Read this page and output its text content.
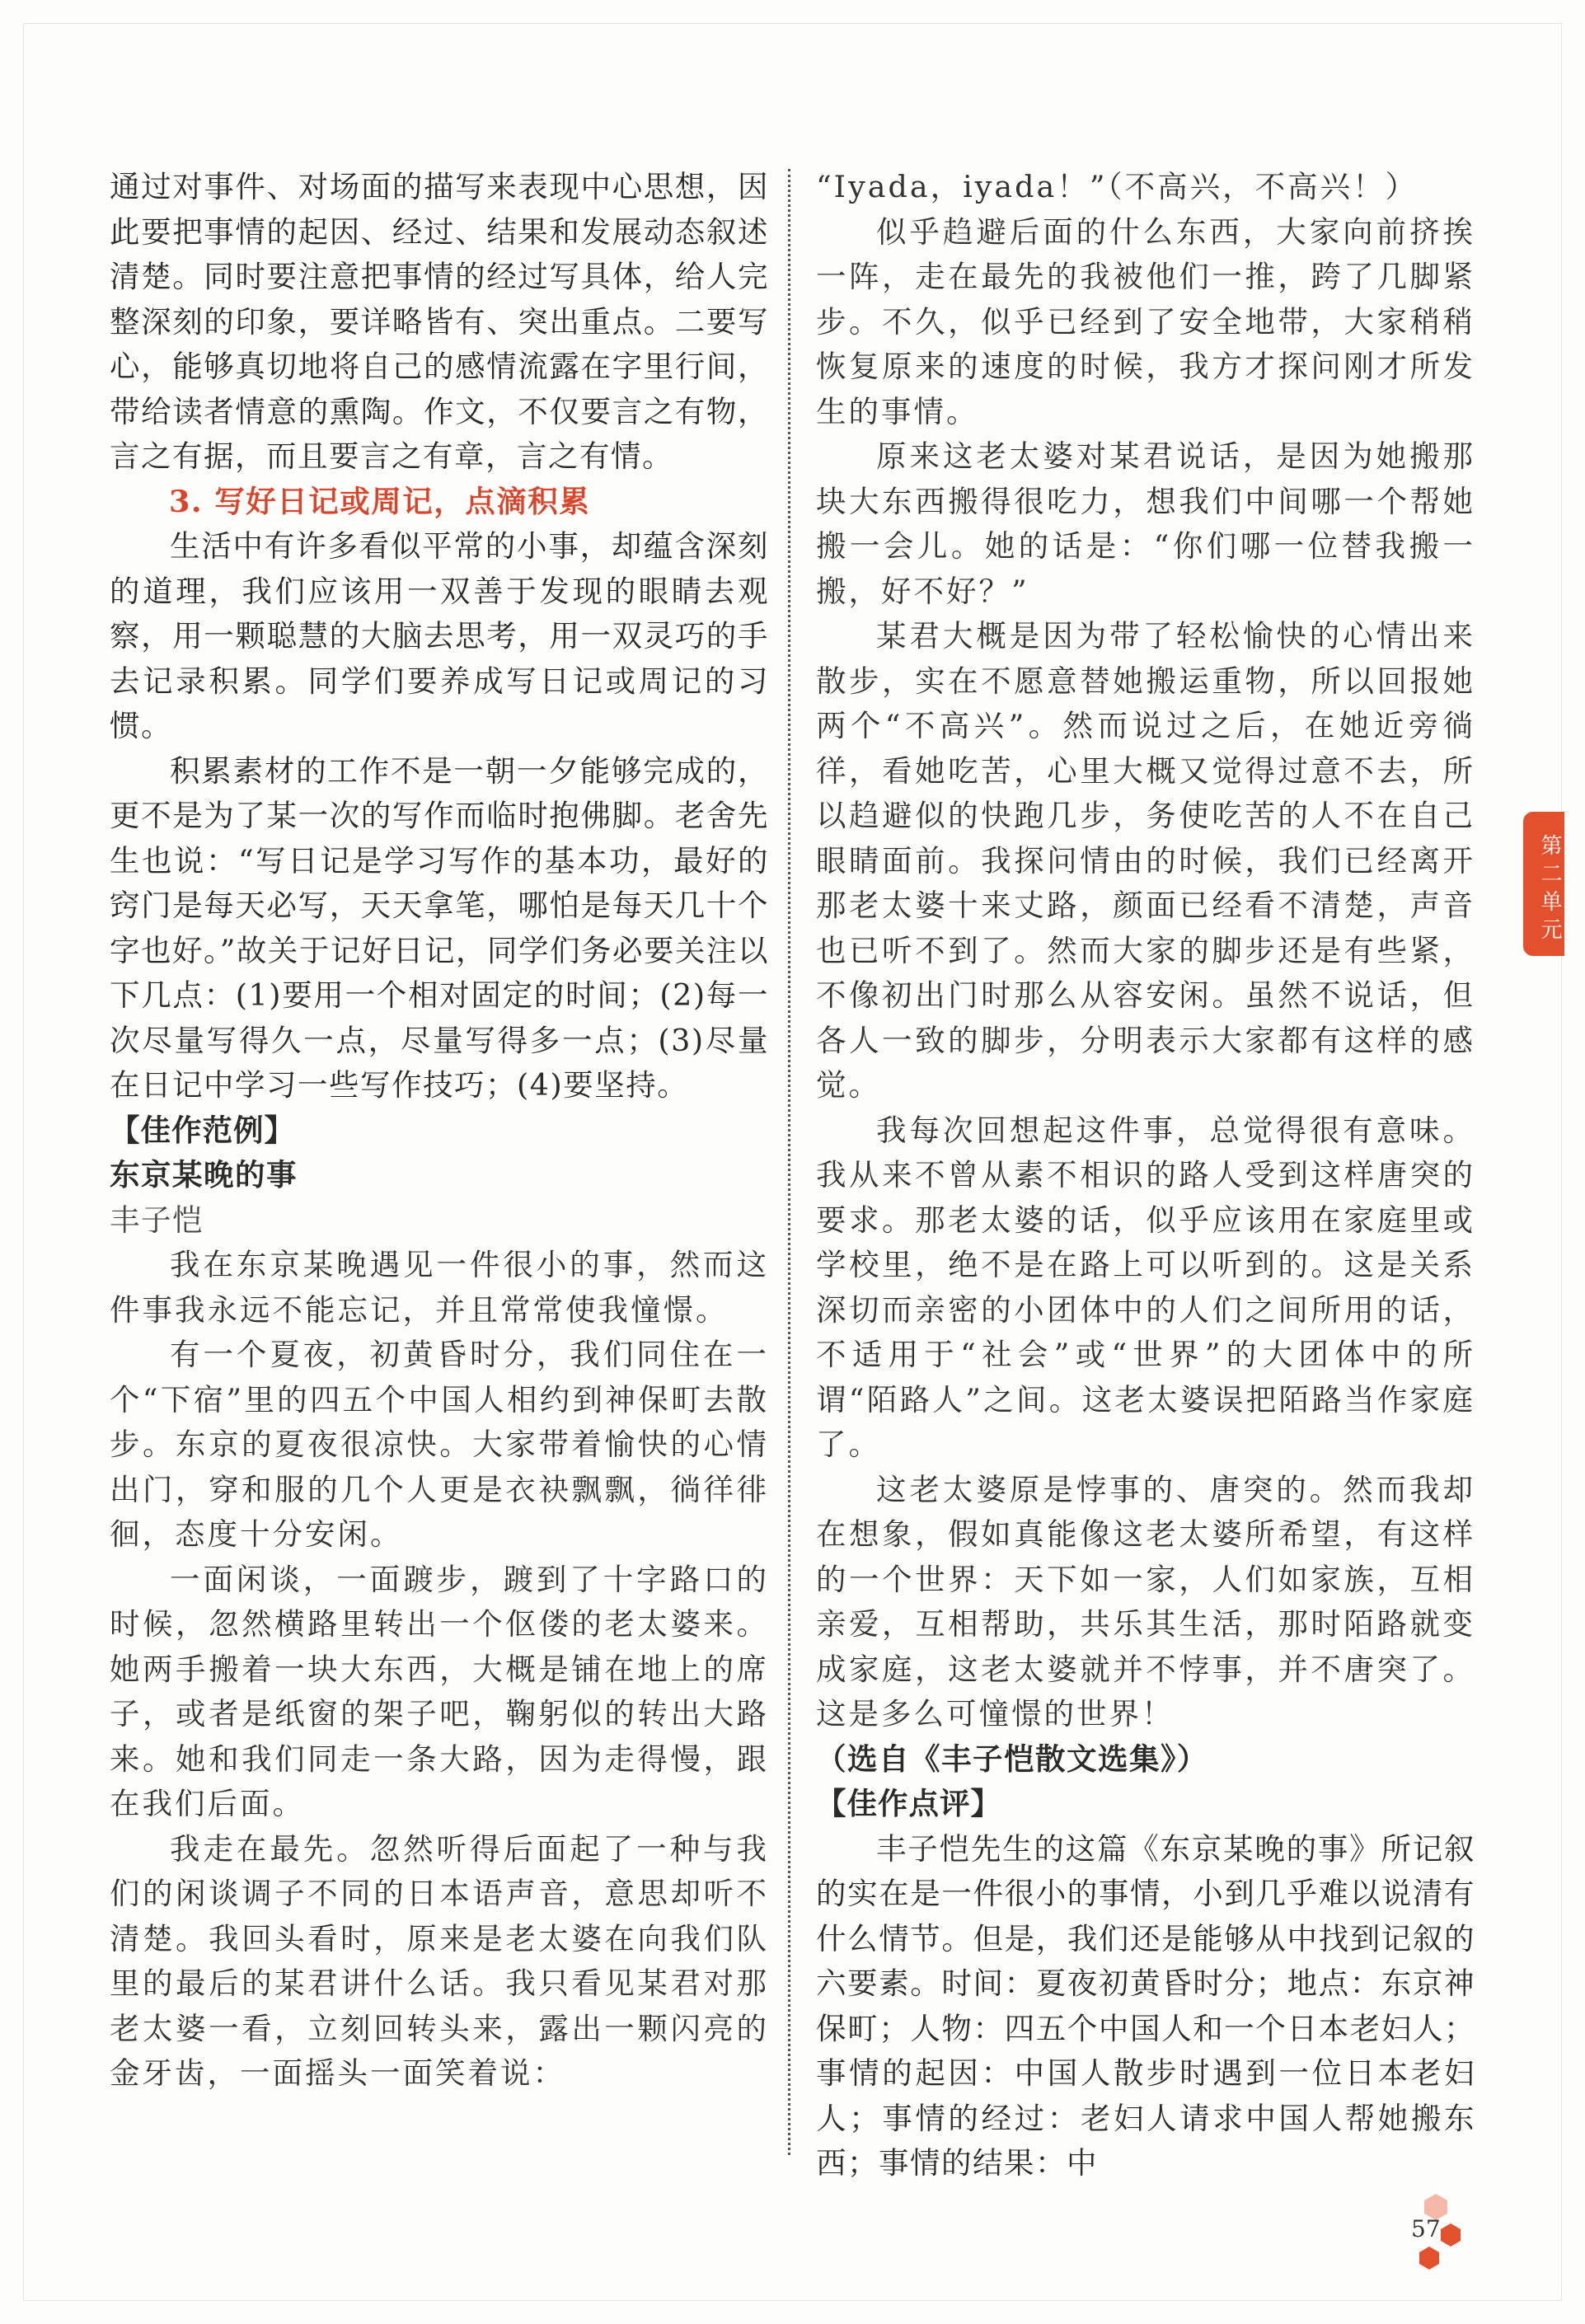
通过对事件、对场面的描写来表现中心思想，因此要把事情的起因、经过、结果和发展动态叙述清楚。同时要注意把事情的经过写具体，给人完整深刻的印象，要详略皆有、突出重点。二要写心，能够真切地将自己的感情流露在字里行间，带给读者情意的熏陶。作文，不仅要言之有物，言之有据，而且要言之有章，言之有情。

3. 写好日记或周记，点滴积累

生活中有许多看似平常的小事，却蕴含深刻的道理，我们应该用一双善于发现的眼睛去观察，用一颗聪慧的大脑去思考，用一双灵巧的手去记录积累。同学们要养成写日记或周记的习惯。

积累素材的工作不是一朝一夕能够完成的，更不是为了某一次的写作而临时抱佛脚。老舍先生也说：“写日记是学习写作的基本功，最好的窍门是每天必写，天天拿笔，哪怕是每天几十个字也好。”故关于记好日记，同学们务必要关注以下几点：(1)要用一个相对固定的时间；(2)每一次尽量写得久一点，尽量写得多一点；(3)尽量在日记中学习一些写作技巧；(4)要坚持。

【佳作范例】

东京某晚的事

丰子恺

我在东京某晚遇见一件很小的事，然而这件事我永远不能忘记，并且常常使我憧憬。

有一个夏夜，初黄昏时分，我们同住在一个“下宿”里的四五个中国人相约到神保町去散步。东京的夏夜很凉快。大家带着愉快的心情出门，穿和服的几个人更是衣袂飘飘，徜徉徘徊，态度十分安闲。

一面闲谈，一面踱步，踱到了十字路口的时候，忽然横路里转出一个伛偻的老太婆来。她两手搬着一块大东西，大概是铺在地上的席子，或者是纸窗的架子吧，鞠躬似的转出大路来。她和我们同走一条大路，因为走得慢，跟在我们后面。

我走在最先。忽然听得后面起了一种与我们的闲谈调子不同的日本语声音，意思却听不清楚。我回头看时，原来是老太婆在向我们队里的最后的某君讲什么话。我只看见某君对那老太婆一看，立刻回转头来，露出一颗闪亮的金牙齿，一面摇头一面笑着说：

“Iyada，iyada！”（不高兴，不高兴！）

似乎趋避后面的什么东西，大家向前挤挨一阵，走在最先的我被他们一推，跨了几脚紧步。不久，似乎已经到了安全地带，大家稍稍恢复原来的速度的时候，我方才探问刚才所发生的事情。

原来这老太婆对某君说话，是因为她搬那块大东西搬得很吃力，想我们中间哪一个帮她搬一会儿。她的话是：“你们哪一位替我搬一搬，好不好？”

某君大概是因为带了轻松愉快的心情出来散步，实在不愿意替她搬运重物，所以回报她两个“不高兴”。然而说过之后，在她近旁徜徉，看她吃苦，心里大概又觉得过意不去，所以趋避似的快跑几步，务使吃苦的人不在自己眼睛面前。我探问情由的时候，我们已经离开那老太婆十来丈路，颜面已经看不清楚，声音也已听不到了。然而大家的脚步还是有些紧，不像初出门时那么从容安闲。虽然不说话，但各人一致的脚步，分明表示大家都有这样的感觉。

我每次回想起这件事，总觉得很有意味。我从来不曾从素不相识的路人受到这样唐突的要求。那老太婆的话，似乎应该用在家庭里或学校里，绝不是在路上可以听到的。这是关系深切而亲密的小团体中的人们之间所用的话，不适用于“社会”或“世界”的大团体中的所谓“陌路人”之间。这老太婆误把陌路当作家庭了。

这老太婆原是悖事的、唐突的。然而我却在想象，假如真能像这老太婆所希望，有这样的一个世界：天下如一家，人们如家族，互相亲爱，互相帮助，共乐其生活，那时陌路就变成家庭，这老太婆就并不悖事，并不唐突了。这是多么可憧憬的世界！

（选自《丰子恺散文选集》）

【佳作点评】

丰子恺先生的这篇《东京某晚的事》所记叙的实在是一件很小的事情，小到几乎难以说清有什么情节。但是，我们还是能够从中找到记叙的六要素。时间：夏夜初黄昏时分；地点：东京神保町；人物：四五个中国人和一个日本老妇人；事情的起因：中国人散步时遇到一位日本老妇人；事情的经过：老妇人请求中国人帮她搬东西；事情的结果：中

第二单元
57
